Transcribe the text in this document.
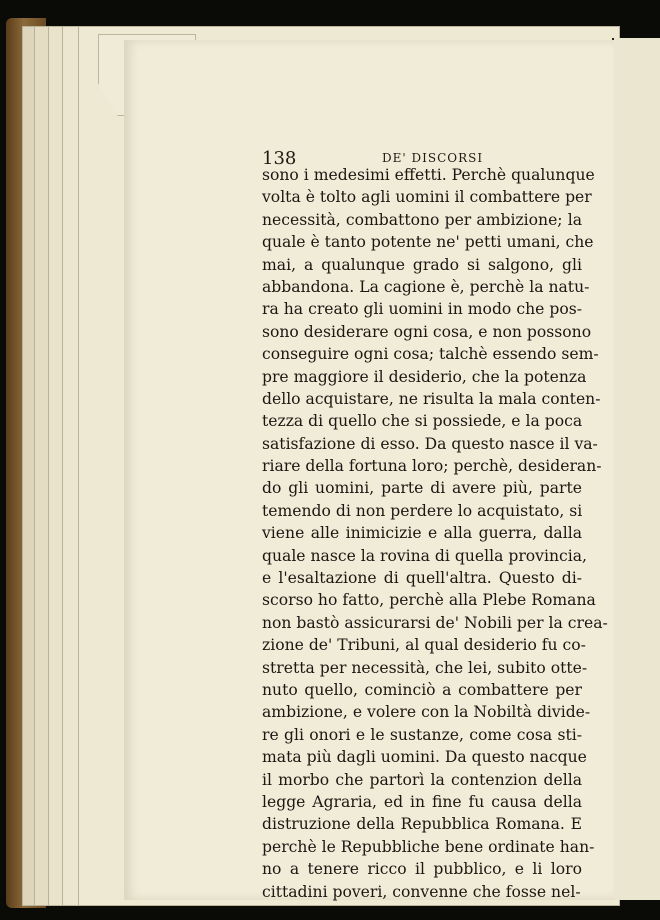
138	DE' DISCORSI
sono i medesimi effetti. Perchè qualunque
volta è tolto agli uomini il combattere per
necessità, combattono per ambizione; la
quale è tanto potente ne' petti umani, che
mai, a qualunque grado si salgono, gli
abbandona. La cagione è, perchè la natu-
ra ha creato gli uomini in modo che pos-
sono desiderare ogni cosa, e non possono
conseguire ogni cosa; talchè essendo sem-
pre maggiore il desiderio, che la potenza
dello acquistare, ne risulta la mala conten-
tezza di quello che si possiede, e la poca
satisfazione di esso. Da questo nasce il va-
riare della fortuna loro; perchè, desideran-
do gli uomini, parte di avere più, parte
temendo di non perdere lo acquistato, si
viene alle inimicizie e alla guerra, dalla
quale nasce la rovina di quella provincia,
e l'esaltazione di quell'altra. Questo di-
scorso ho fatto, perchè alla Plebe Romana
non bastò assicurarsi de' Nobili per la crea-
zione de' Tribuni, al qual desiderio fu co-
stretta per necessità, che lei, subito otte-
nuto quello, cominciò a combattere per
ambizione, e volere con la Nobiltà divide-
re gli onori e le sustanze, come cosa sti-
mata più dagli uomini. Da questo nacque
il morbo che partorì la contenzion della
legge Agraria, ed in fine fu causa della
distruzione della Repubblica Romana. E
perchè le Repubbliche bene ordinate han-
no a tenere ricco il pubblico, e li loro
cittadini poveri, convenne che fosse nel-
